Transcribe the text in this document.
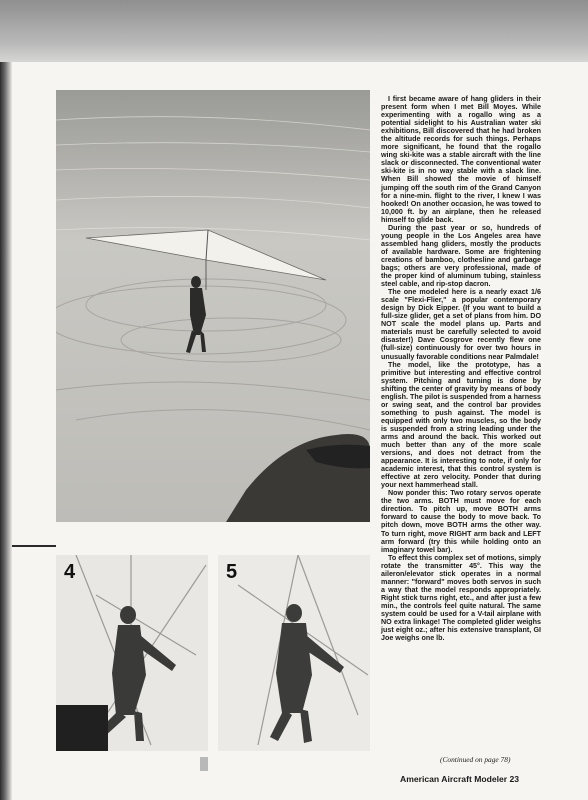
4	5

I first became aware of hang gliders in their present form when I met Bill Moyes. While experimenting with a rogallo wing as a potential sidelight to his Australian water ski exhibitions, Bill discovered that he had broken the altitude records for such things. Perhaps more significant, he found that the rogallo wing ski-kite was a stable aircraft with the line slack or disconnected. The conventional water ski-kite is in no way stable with a slack line. When Bill showed the movie of himself jumping off the south rim of the Grand Canyon for a nine-min. flight to the river, I knew I was hooked! On another occasion, he was towed to 10,000 ft. by an airplane, then he released himself to glide back.

During the past year or so, hundreds of young people in the Los Angeles area have assembled hang gliders, mostly the products of available hardware. Some are frightening creations of bamboo, clothesline and garbage bags; others are very professional, made of the proper kind of aluminum tubing, stainless steel cable, and rip-stop dacron.

The one modeled here is a nearly exact 1/6 scale "Flexi-Flier," a popular contemporary design by Dick Eipper. (If you want to build a full-size glider, get a set of plans from him. DO NOT scale the model plans up. Parts and materials must be carefully selected to avoid disaster!) Dave Cosgrove recently flew one (full-size) continuously for over two hours in unusually favorable conditions near Palmdale!

The model, like the prototype, has a primitive but interesting and effective control system. Pitching and turning is done by shifting the center of gravity by means of body english. The pilot is suspended from a harness or swing seat, and the control bar provides something to push against. The model is equipped with only two muscles, so the body is suspended from a string leading under the arms and around the back. This worked out much better than any of the more scale versions, and does not detract from the appearance. It is interesting to note, if only for academic interest, that this control system is effective at zero velocity. Ponder that during your next hammerhead stall.

Now ponder this: Two rotary servos operate the two arms. BOTH must move for each direction. To pitch up, move BOTH arms forward to cause the body to move back. To pitch down, move BOTH arms the other way. To turn right, move RIGHT arm back and LEFT arm forward (try this while holding onto an imaginary towel bar).

To effect this complex set of motions, simply rotate the transmitter 45°. This way the aileron/elevator stick operates in a normal manner: "forward" moves both servos in such a way that the model responds appropriately. Right stick turns right, etc., and after just a few min., the controls feel quite natural. The same system could be used for a V-tail airplane with NO extra linkage! The completed glider weighs just eight oz.; after his extensive transplant, GI Joe weighs one lb.

(Continued on page 78)
American Aircraft Modeler 23
